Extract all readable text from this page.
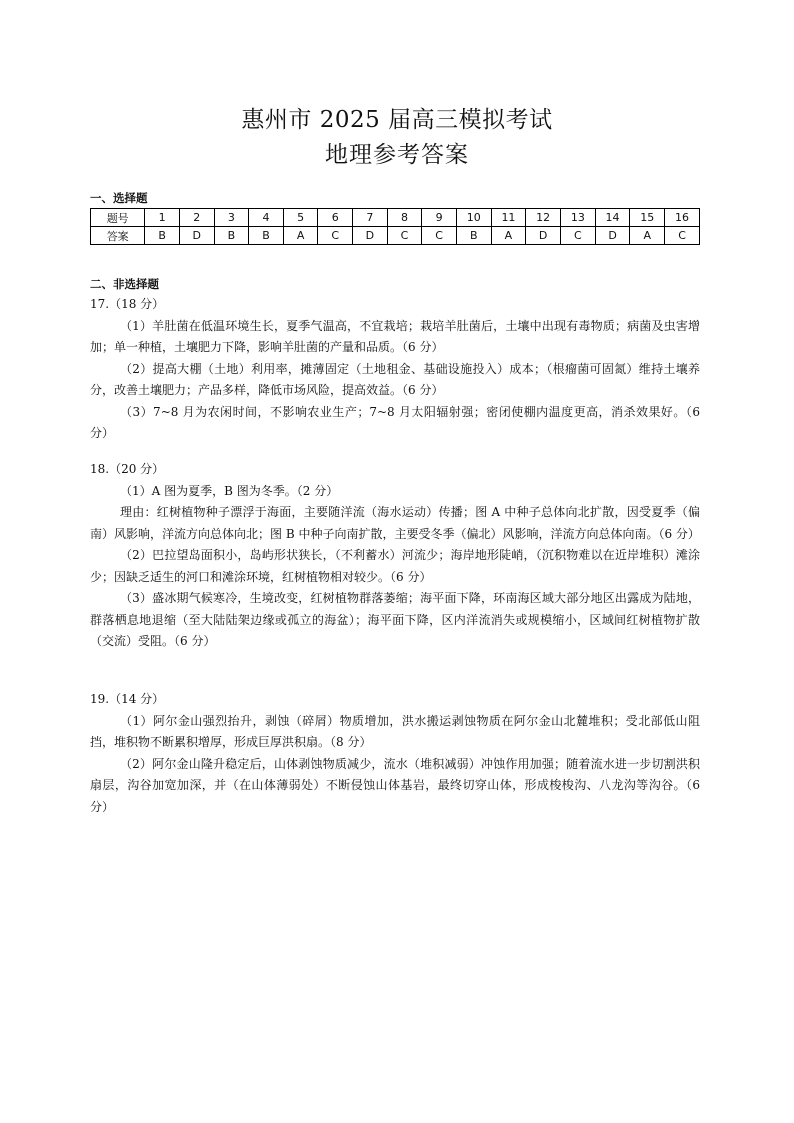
惠州市 2025 届高三模拟考试
地理参考答案
一、选择题
题号	1	2	3	4	5	6	7	8	9	10	11	12	13	14	15	16
答案	B	D	B	B	A	C	D	C	C	B	A	D	C	D	A	C
二、非选择题

17.（18 分）

（1）羊肚菌在低温环境生长，夏季气温高，不宜栽培；栽培羊肚菌后，土壤中出现有毒物质；病菌及虫害增加；单一种植，土壤肥力下降，影响羊肚菌的产量和品质。（6 分）

（2）提高大棚（土地）利用率，摊薄固定（土地租金、基础设施投入）成本；（根瘤菌可固氮）维持土壤养分，改善土壤肥力；产品多样，降低市场风险，提高效益。（6 分）

（3）7~8 月为农闲时间，不影响农业生产；7~8 月太阳辐射强；密闭使棚内温度更高，消杀效果好。（6 分）

18.（20 分）

（1）A 图为夏季，B 图为冬季。（2 分）

理由：红树植物种子漂浮于海面，主要随洋流（海水运动）传播；图 A 中种子总体向北扩散，因受夏季（偏南）风影响，洋流方向总体向北；图 B 中种子向南扩散，主要受冬季（偏北）风影响，洋流方向总体向南。（6 分）

（2）巴拉望岛面积小，岛屿形状狭长，（不利蓄水）河流少；海岸地形陡峭，（沉积物难以在近岸堆积）滩涂少；因缺乏适生的河口和滩涂环境，红树植物相对较少。（6 分）

（3）盛冰期气候寒冷，生境改变，红树植物群落萎缩；海平面下降，环南海区域大部分地区出露成为陆地，群落栖息地退缩（至大陆陆架边缘或孤立的海盆）；海平面下降，区内洋流消失或规模缩小，区域间红树植物扩散（交流）受阻。（6 分）

19.（14 分）

（1）阿尔金山强烈抬升，剥蚀（碎屑）物质增加，洪水搬运剥蚀物质在阿尔金山北麓堆积；受北部低山阻挡，堆积物不断累积增厚，形成巨厚洪积扇。（8 分）

（2）阿尔金山隆升稳定后，山体剥蚀物质减少，流水（堆积减弱）冲蚀作用加强；随着流水进一步切割洪积扇层，沟谷加宽加深，并（在山体薄弱处）不断侵蚀山体基岩，最终切穿山体，形成梭梭沟、八龙沟等沟谷。（6 分）
